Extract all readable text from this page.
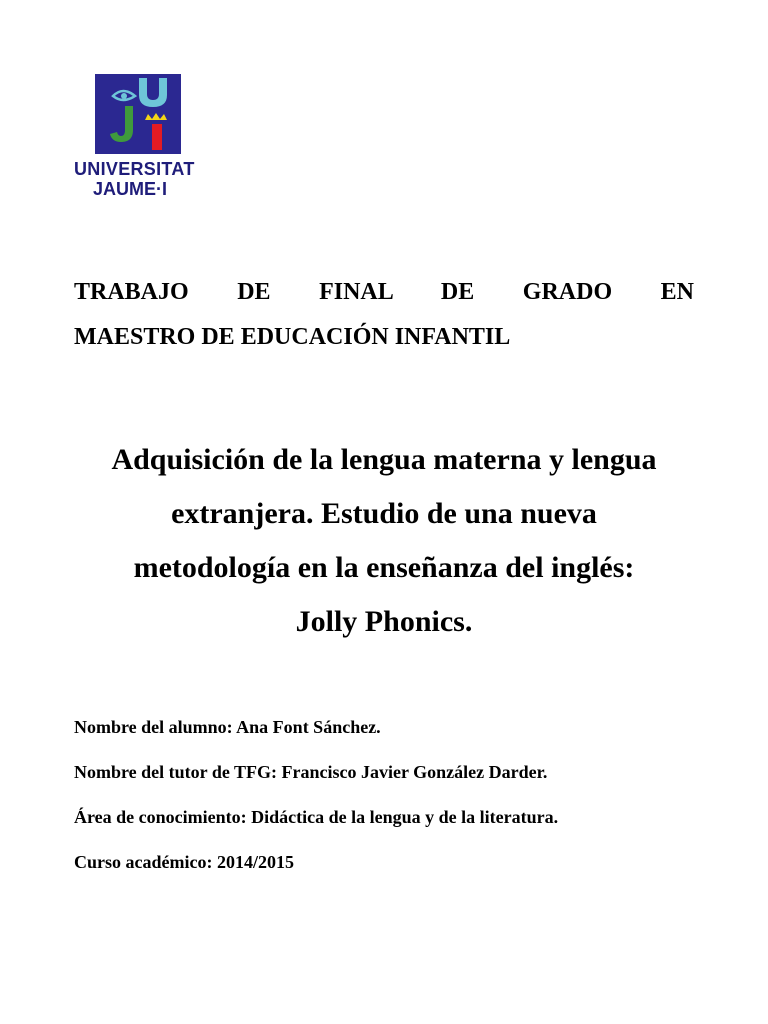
UNIVERSITAT
JAUME·I
TRABAJO DE FINAL DE GRADO EN
MAESTRO DE EDUCACIÓN INFANTIL
Adquisición de la lengua materna y lengua
extranjera. Estudio de una nueva
metodología en la enseñanza del inglés:
Jolly Phonics.
Nombre del alumno: Ana Font Sánchez.
Nombre del tutor de TFG: Francisco Javier González Darder.
Área de conocimiento: Didáctica de la lengua y de la literatura.
Curso académico: 2014/2015
